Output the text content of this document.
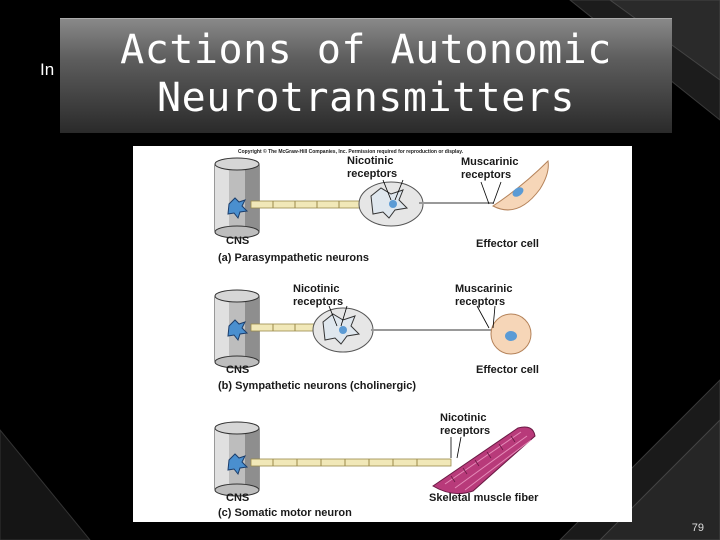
In	Actions of Autonomic
Neurotransmitters
Copyright © The McGraw-Hill Companies, Inc. Permission required for reproduction or display.
Nicotinic
receptors
Muscarinic
receptors
CNS
(a) Parasympathetic neurons
Effector cell
Nicotinic
receptors
Muscarinic
receptors
CNS
(b) Sympathetic neurons (cholinergic)
Effector cell
Nicotinic
receptors
CNS
(c) Somatic motor neuron
Skeletal muscle fiber
79
